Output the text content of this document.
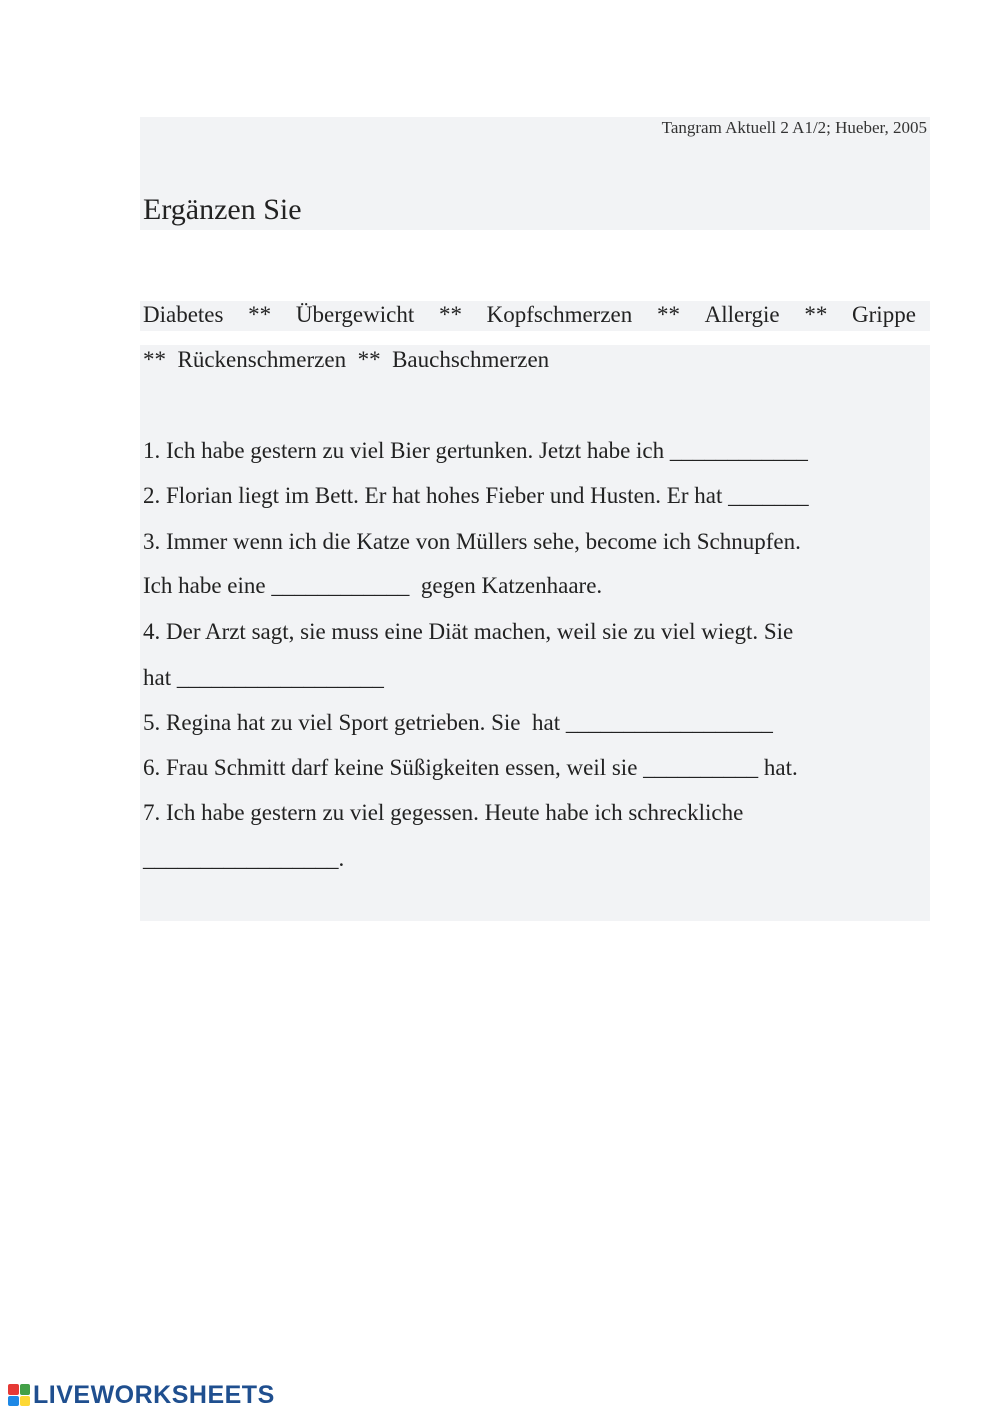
Tangram Aktuell 2 A1/2; Hueber, 2005
Ergänzen Sie
Diabetes ** Übergewicht ** Kopfschmerzen ** Allergie ** Grippe
**  Rückenschmerzen  **  Bauchschmerzen
1. Ich habe gestern zu viel Bier gertunken. Jetzt habe ich ____________
2. Florian liegt im Bett. Er hat hohes Fieber und Husten. Er hat _______
3. Immer wenn ich die Katze von Müllers sehe, become ich Schnupfen.
Ich habe eine ____________  gegen Katzenhaare.
4. Der Arzt sagt, sie muss eine Diät machen, weil sie zu viel wiegt. Sie
hat __________________
5. Regina hat zu viel Sport getrieben. Sie  hat __________________
6. Frau Schmitt darf keine Süßigkeiten essen, weil sie __________ hat.
7. Ich habe gestern zu viel gegessen. Heute habe ich schreckliche
_________________.
LIVEWORKSHEETS
